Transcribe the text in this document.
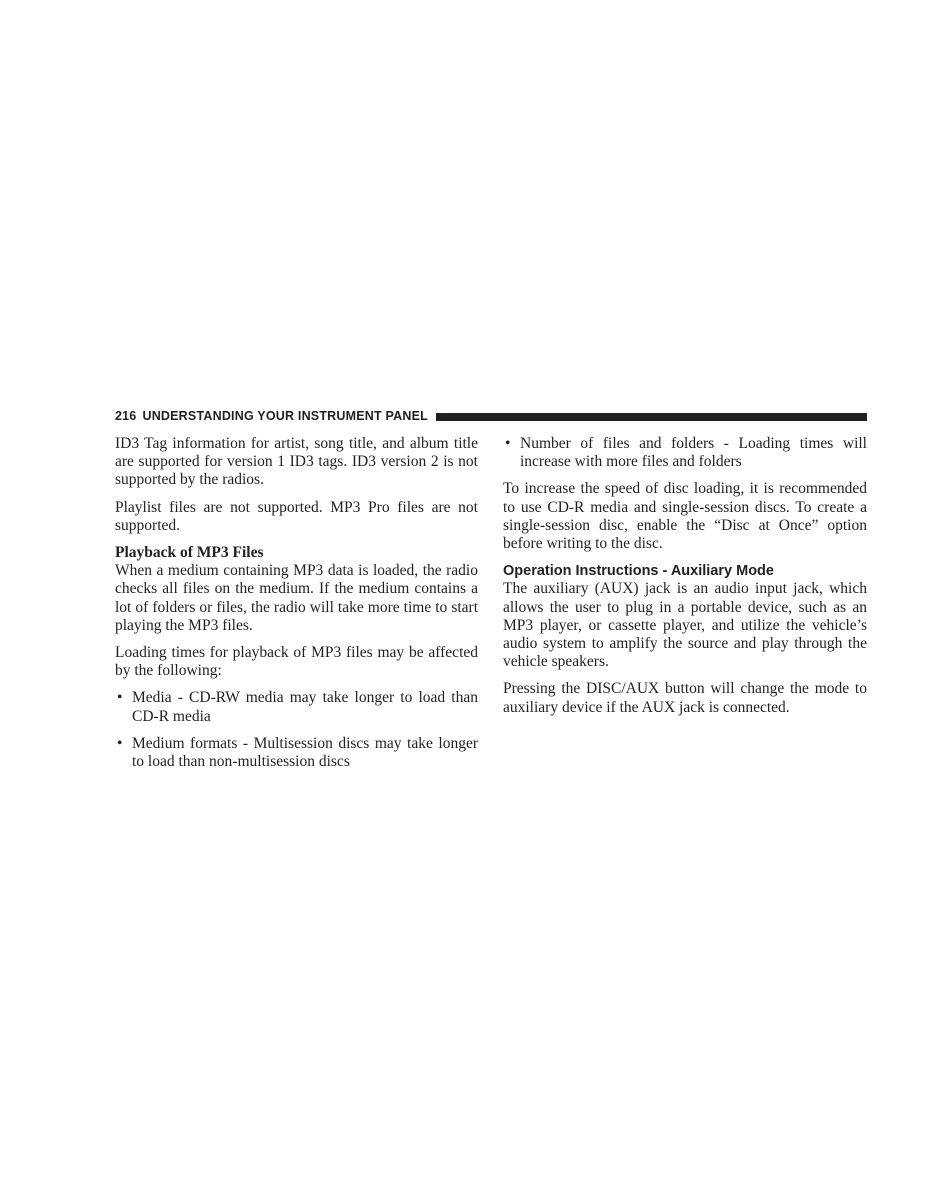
216 UNDERSTANDING YOUR INSTRUMENT PANEL

ID3 Tag information for artist, song title, and album title are supported for version 1 ID3 tags. ID3 version 2 is not supported by the radios.

Playlist files are not supported. MP3 Pro files are not supported.

Playback of MP3 Files

When a medium containing MP3 data is loaded, the radio checks all files on the medium. If the medium contains a lot of folders or files, the radio will take more time to start playing the MP3 files.

Loading times for playback of MP3 files may be affected by the following:

• Media - CD-RW media may take longer to load than CD-R media
• Medium formats - Multisession discs may take longer to load than non-multisession discs
• Number of files and folders - Loading times will increase with more files and folders

To increase the speed of disc loading, it is recommended to use CD-R media and single-session discs. To create a single-session disc, enable the “Disc at Once” option before writing to the disc.

Operation Instructions - Auxiliary Mode

The auxiliary (AUX) jack is an audio input jack, which allows the user to plug in a portable device, such as an MP3 player, or cassette player, and utilize the vehicle’s audio system to amplify the source and play through the vehicle speakers.

Pressing the DISC/AUX button will change the mode to auxiliary device if the AUX jack is connected.
